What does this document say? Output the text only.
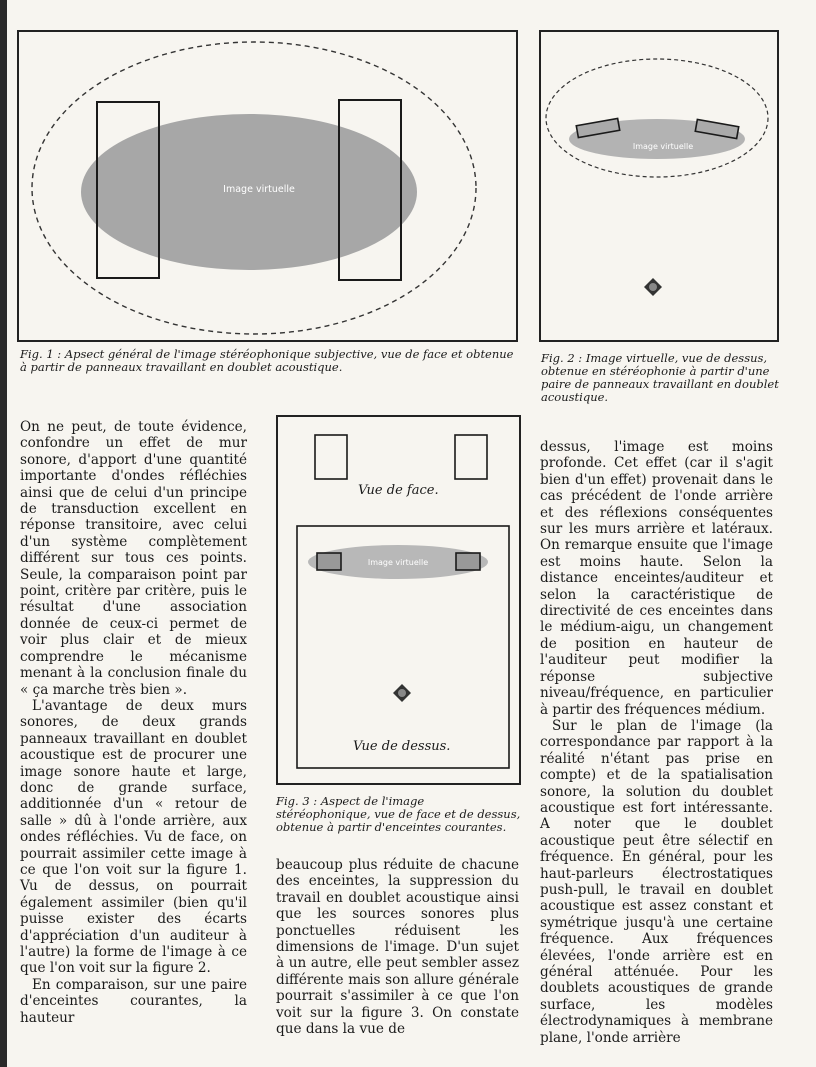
Image virtuelle
Fig. 1 : Apsect général de l'image stéréophonique subjective, vue de face et obtenue à partir de panneaux travaillant en doublet acoustique.
Image virtuelle
Fig. 2 : Image virtuelle, vue de dessus, obtenue en stéréophonie à partir d'une paire de panneaux travaillant en doublet acoustique.
Image virtuelle
Vue de face.
Vue de dessus.
Fig. 3 : Aspect de l'image stéréophonique, vue de face et de dessus, obtenue à partir d'enceintes courantes.

On ne peut, de toute évidence, confondre un effet de mur sonore, d'apport d'une quantité importante d'ondes réfléchies ainsi que de celui d'un principe de transduction excellent en réponse transitoire, avec celui d'un système complètement différent sur tous ces points. Seule, la comparaison point par point, critère par critère, puis le résultat d'une association donnée de ceux-ci permet de voir plus clair et de mieux comprendre le mécanisme menant à la conclusion finale du « ça marche très bien ».

L'avantage de deux murs sonores, de deux grands panneaux travaillant en doublet acoustique est de procurer une image sonore haute et large, donc de grande surface, additionnée d'un « retour de salle » dû à l'onde arrière, aux ondes réfléchies. Vu de face, on pourrait assimiler cette image à ce que l'on voit sur la figure 1. Vu de dessus, on pourrait également assimiler (bien qu'il puisse exister des écarts d'appréciation d'un auditeur à l'autre) la forme de l'image à ce que l'on voit sur la figure 2.

En comparaison, sur une paire d'enceintes courantes, la hauteur

beaucoup plus réduite de chacune des enceintes, la suppression du travail en doublet acoustique ainsi que les sources sonores plus ponctuelles réduisent les dimensions de l'image. D'un sujet à un autre, elle peut sembler assez différente mais son allure générale pourrait s'assimiler à ce que l'on voit sur la figure 3. On constate que dans la vue de

dessus, l'image est moins profonde. Cet effet (car il s'agit bien d'un effet) provenait dans le cas précédent de l'onde arrière et des réflexions conséquentes sur les murs arrière et latéraux. On remarque ensuite que l'image est moins haute. Selon la distance enceintes/auditeur et selon la caractéristique de directivité de ces enceintes dans le médium-aigu, un changement de position en hauteur de l'auditeur peut modifier la réponse subjective niveau/fréquence, en particulier à partir des fréquences médium.

Sur le plan de l'image (la correspondance par rapport à la réalité n'étant pas prise en compte) et de la spatialisation sonore, la solution du doublet acoustique est fort intéressante. A noter que le doublet acoustique peut être sélectif en fréquence. En général, pour les haut-parleurs électrostatiques push-pull, le travail en doublet acoustique est assez constant et symétrique jusqu'à une certaine fréquence. Aux fréquences élevées, l'onde arrière est en général atténuée. Pour les doublets acoustiques de grande surface, les modèles électrodynamiques à membrane plane, l'onde arrière
